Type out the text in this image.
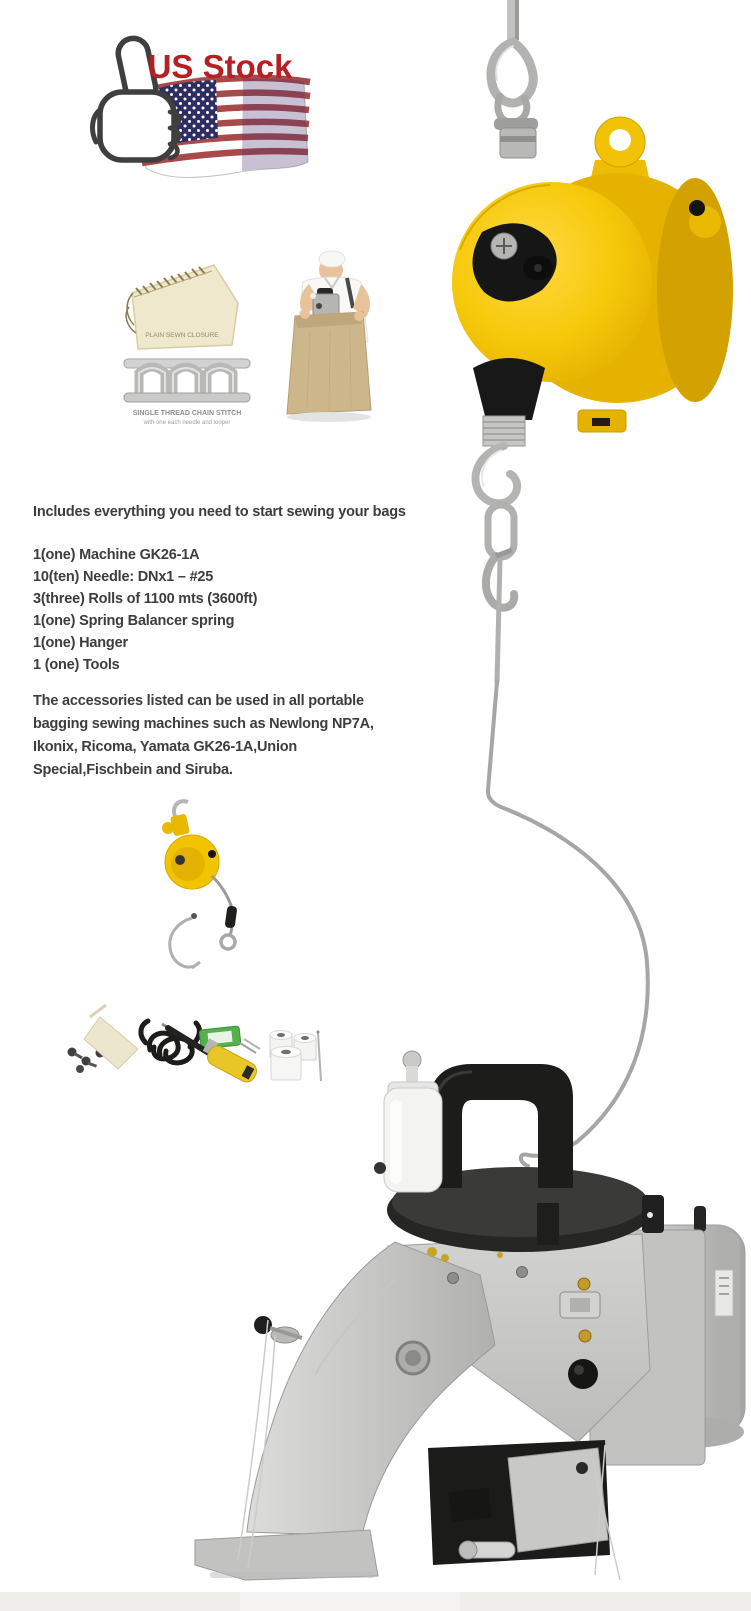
US Stock
PLAIN SEWN CLOSURE
SINGLE THREAD CHAIN STITCH
with one each needle and looper
Includes everything you need to start sewing your bags
1(one) Machine GK26-1A
10(ten) Needle: DNx1 – #25
3(three) Rolls of 1100 mts (3600ft)
1(one) Spring Balancer spring
1(one) Hanger
1 (one) Tools
The accessories listed can be used in all portable
bagging sewing machines such as Newlong NP7A,
Ikonix, Ricoma, Yamata GK26-1A,Union
Special,Fischbein and Siruba.
